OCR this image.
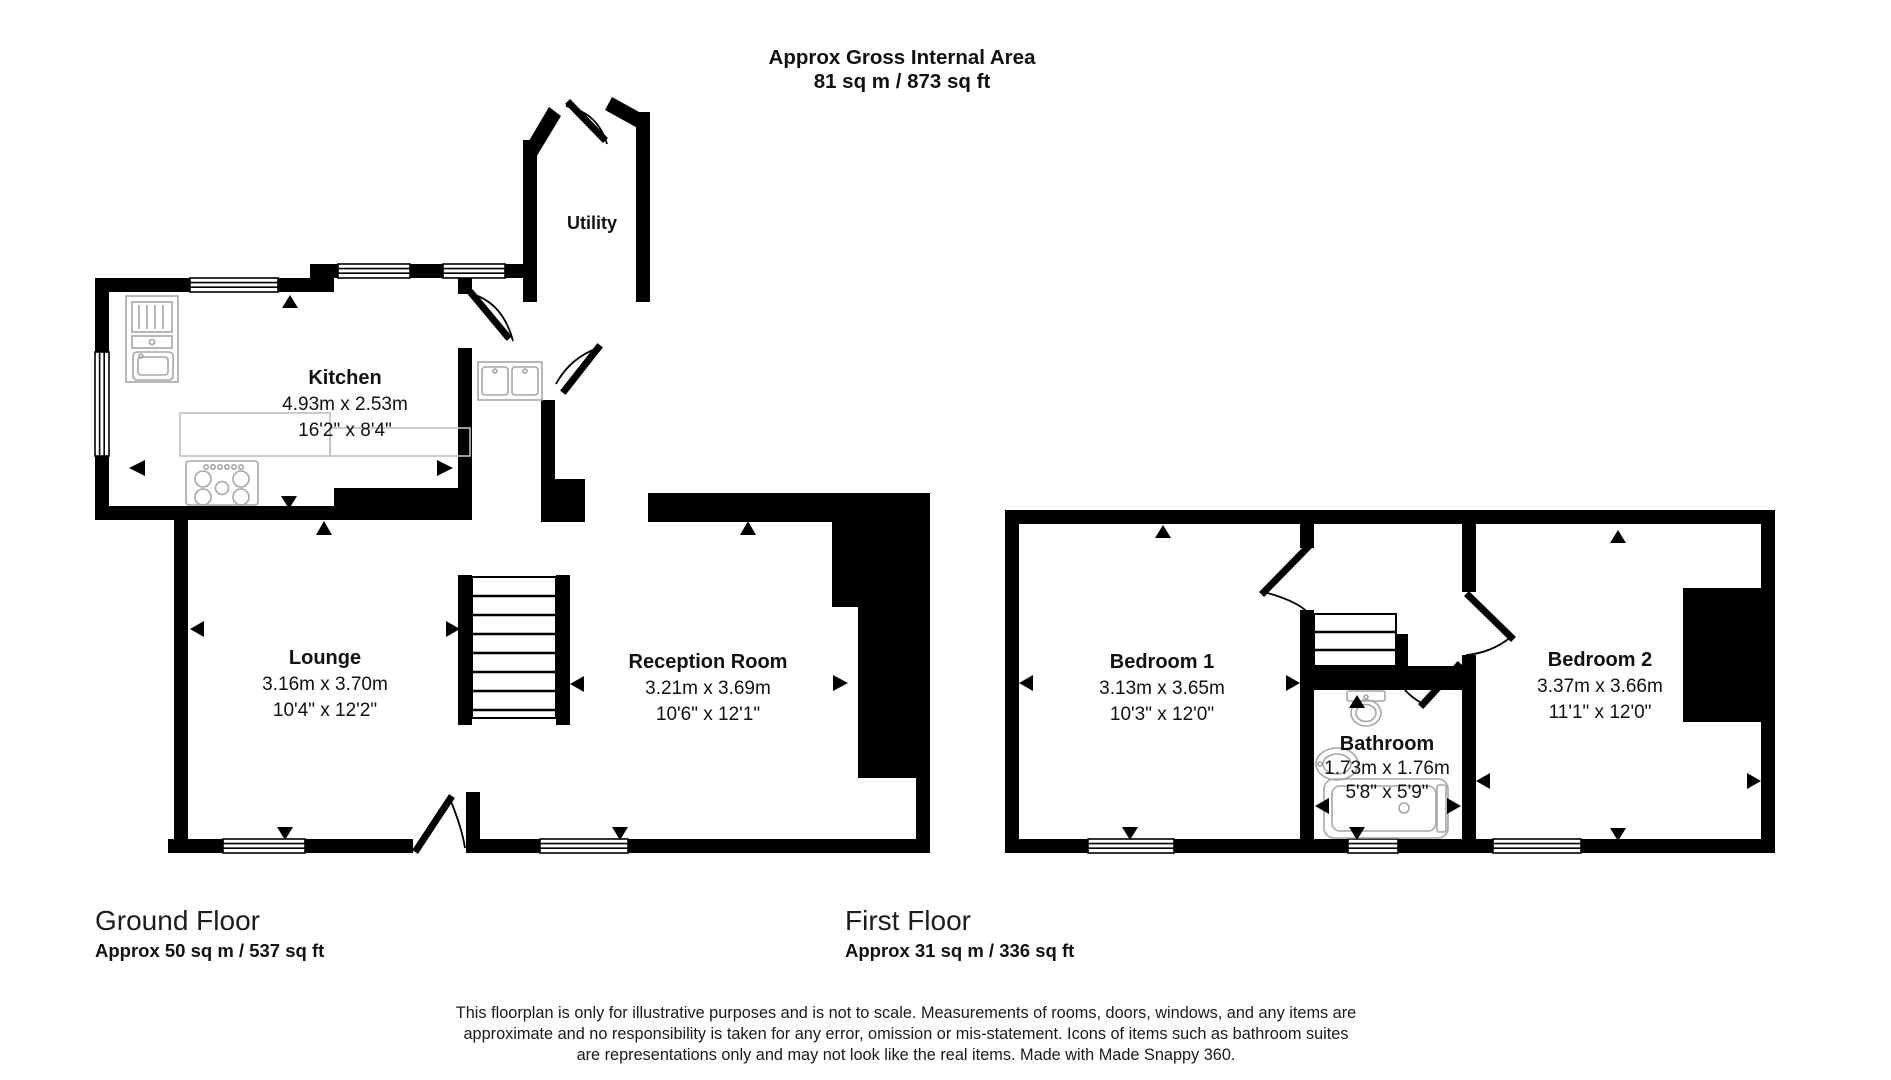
Approx Gross Internal Area
81 sq m / 873 sq ft
Utility
Kitchen
4.93m x 2.53m
16'2" x 8'4"
Lounge
3.16m x 3.70m
10'4" x 12'2"
Reception Room
3.21m x 3.69m
10'6" x 12'1"
Ground Floor
Approx 50 sq m / 537 sq ft
Bedroom 1
3.13m x 3.65m
10'3" x 12'0"
Bathroom
1.73m x 1.76m
5'8" x 5'9"
Bedroom 2
3.37m x 3.66m
11'1" x 12'0"
First Floor
Approx 31 sq m / 336 sq ft
This floorplan is only for illustrative purposes and is not to scale. Measurements of rooms, doors, windows, and any items are
approximate and no responsibility is taken for any error, omission or mis-statement. Icons of items such as bathroom suites
are representations only and may not look like the real items. Made with Made Snappy 360.
